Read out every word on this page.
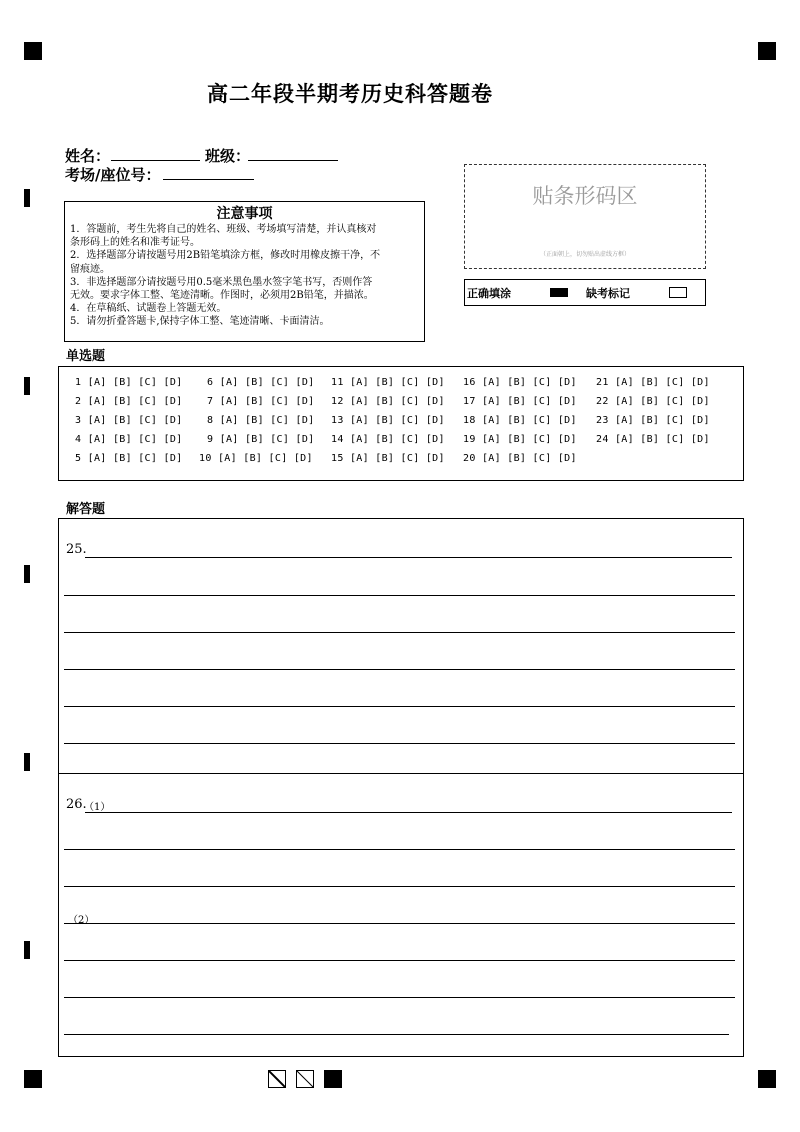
高二年段半期考历史科答题卷
姓名：	班级：
考场/座位号：
注意事项
1．答题前，考生先将自己的姓名、班级、考场填写清楚，并认真核对
条形码上的姓名和准考证号。
2．选择题部分请按题号用2B铅笔填涂方框，修改时用橡皮擦干净，不
留痕迹。
3．非选择题部分请按题号用0.5毫米黑色墨水签字笔书写，否则作答
无效。要求字体工整、笔迹清晰。作图时，必须用2B铅笔，并描浓。
4．在草稿纸、试题卷上答题无效。
5．请勿折叠答题卡,保持字体工整、笔迹清晰、卡面清洁。
贴条形码区
（正面朝上，切勿贴出虚线方框）
正确填涂	缺考标记
单选题
1 [A] [B] [C] [D]
2 [A] [B] [C] [D]
3 [A] [B] [C] [D]
4 [A] [B] [C] [D]
5 [A] [B] [C] [D]
6 [A] [B] [C] [D]
7 [A] [B] [C] [D]
8 [A] [B] [C] [D]
9 [A] [B] [C] [D]
10 [A] [B] [C] [D]
11 [A] [B] [C] [D]
12 [A] [B] [C] [D]
13 [A] [B] [C] [D]
14 [A] [B] [C] [D]
15 [A] [B] [C] [D]
16 [A] [B] [C] [D]
17 [A] [B] [C] [D]
18 [A] [B] [C] [D]
19 [A] [B] [C] [D]
20 [A] [B] [C] [D]
21 [A] [B] [C] [D]
22 [A] [B] [C] [D]
23 [A] [B] [C] [D]
24 [A] [B] [C] [D]
解答题
25.
26.
（1）
（2）
